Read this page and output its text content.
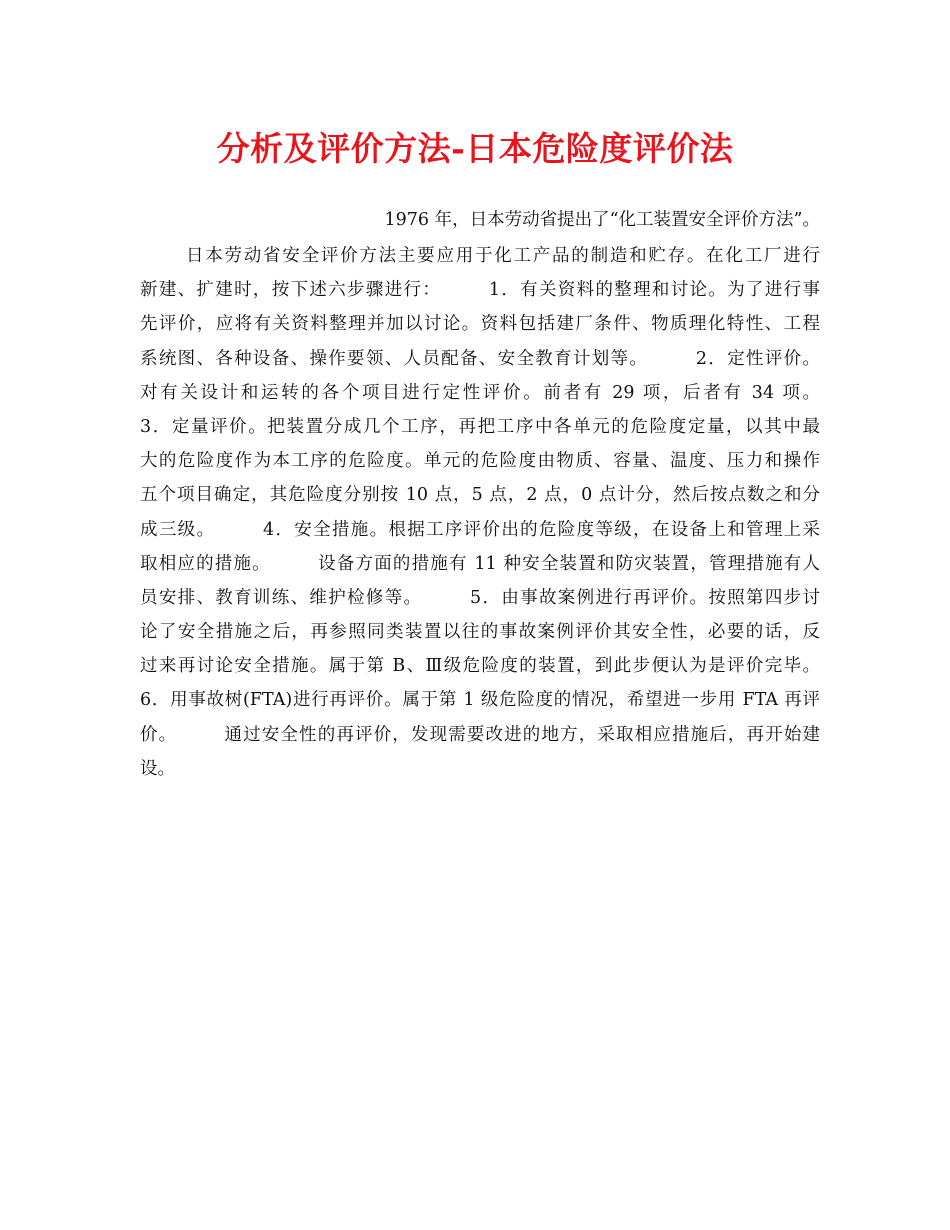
分析及评价方法-日本危险度评价法
1976 年，日本劳动省提出了“化工装置安全评价方法”。
日本劳动省安全评价方法主要应用于化工产品的制造和贮存。在化工厂进行
新建、扩建时，按下述六步骤进行：　　　1．有关资料的整理和讨论。为了进行事
先评价，应将有关资料整理并加以讨论。资料包括建厂条件、物质理化特性、工程
系统图、各种设备、操作要领、人员配备、安全教育计划等。　　　2．定性评价。
对有关设计和运转的各个项目进行定性评价。前者有 29 项，后者有 34 项。
3．定量评价。把装置分成几个工序，再把工序中各单元的危险度定量，以其中最
大的危险度作为本工序的危险度。单元的危险度由物质、容量、温度、压力和操作
五个项目确定，其危险度分别按 10 点，5 点，2 点，0 点计分，然后按点数之和分
成三级。　　　4．安全措施。根据工序评价出的危险度等级，在设备上和管理上采
取相应的措施。　　　设备方面的措施有 11 种安全装置和防灾装置，管理措施有人
员安排、教育训练、维护检修等。　　　5．由事故案例进行再评价。按照第四步讨
论了安全措施之后，再参照同类装置以往的事故案例评价其安全性，必要的话，反
过来再讨论安全措施。属于第 B、Ⅲ级危险度的装置，到此步便认为是评价完毕。
6．用事故树(FTA)进行再评价。属于第 1 级危险度的情况，希望进一步用 FTA 再评
价。　　　通过安全性的再评价，发现需要改进的地方，采取相应措施后，再开始建
设。
